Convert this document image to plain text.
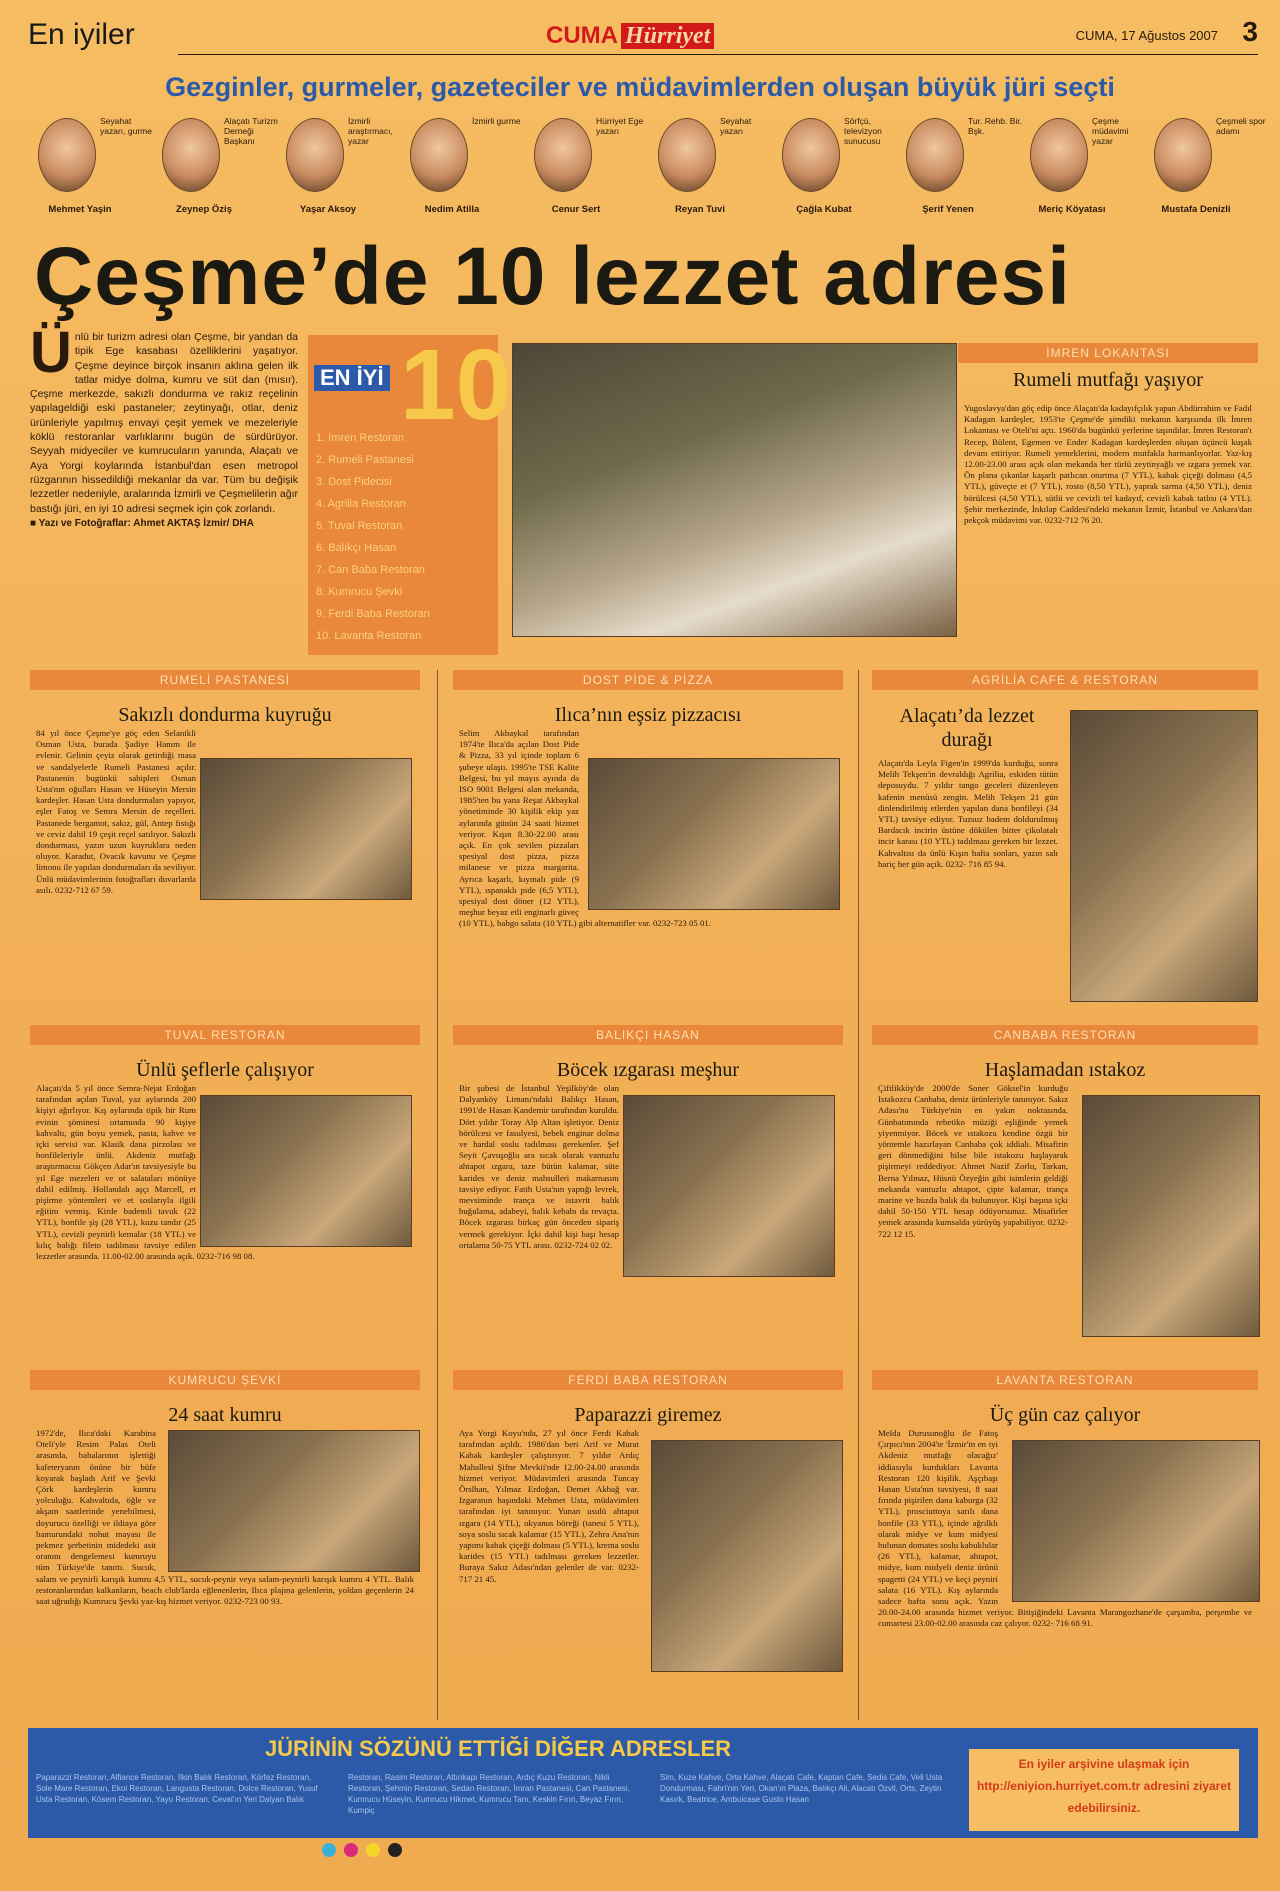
En iyiler	CUMA Hürriyet	CUMA, 17 Ağustos 2007 3
Gezginler, gurmeler, gazeteciler ve müdavimlerden oluşan büyük jüri seçti
Seyahat yazarı, gurme
Mehmet Yaşin
Alaçatı Turizm Derneği Başkanı
Zeynep Öziş
İzmirli araştırmacı, yazar
Yaşar Aksoy
İzmirli gurme
Nedim Atilla
Hürriyet Ege yazarı
Cenur Sert
Seyahat yazarı
Reyan Tuvi
Sörfçü, televizyon sunucusu
Çağla Kubat
Tur. Rehb. Bir. Bşk.
Şerif Yenen
Çeşme müdavimi yazar
Meriç Köyatası
Çeşmeli spor adamı
Mustafa Denizli
Çeşme’de 10 lezzet adresi
Ünlü bir turizm adresi olan Çeşme, bir yandan da tipik Ege kasabası özelliklerini yaşatıyor. Çeşme deyince birçok insanın aklına gelen ilk tatlar midye dolma, kumru ve süt dan (mısır). Çeşme merkezde, sakızlı dondurma ve rakız reçelinin yapılageldiği eski pastaneler; zeytinyağı, otlar, deniz ürünleriyle yapılmış envayi çeşit yemek ve mezeleriyle köklü restoranlar varlıklarını bugün de sürdürüyor. Seyyah midyeciler ve kumrucuların yanında, Alaçatı ve Aya Yorgi koylarında İstanbul'dan esen metropol rüzgarının hissedildiği mekanlar da var. Tüm bu değişik lezzetler nedeniyle, aralarında İzmirli ve Çeşmelilerin ağır bastığı jüri, en iyi 10 adresi seçmek için çok zorlandı.
■ Yazı ve Fotoğraflar: Ahmet AKTAŞ İzmir/ DHA
10
EN İYİ
1. İmren Restoran
2. Rumeli Pastanesi
3. Dost Pidecisi
4. Agrilia Restoran
5. Tuval Restoran
6. Balıkçı Hasan
7. Can Baba Restoran
8. Kumrucu Şevki
9. Ferdi Baba Restoran
10. Lavanta Restoran
İMREN LOKANTASI
Rumeli mutfağı yaşıyor
Yugoslavya'dan göç edip önce Alaçatı'da kadayıfçılık yapan Abdürrahim ve Fadıl Kadagan kardeşler, 1953'te Çeşme'de şimdiki mekanın karşısında ilk İmren Lokantası ve Oteli'ni açtı. 1960'da bugünkü yerlerine taşındılar. İmren Restoran'ı Recep, Bülent, Egemen ve Ender Kadagan kardeşlerden oluşan üçüncü kuşak devam ettiriyor. Rumeli yemeklerini, modern mutfakla harmanlıyorlar. Yaz-kış 12.00-23.00 arası açık olan mekanda her türlü zeytinyağlı ve ızgara yemek var. Ön plana çıkanlar kaşarlı patlıcan oturtma (7 YTL), kabak çiçeği dolması (4,5 YTL), güveçte et (7 YTL), rosto (8,50 YTL), yaprak sarma (4,50 YTL), deniz börülcesi (4,50 YTL), sütlü ve cevizli tel kadayıf, cevizli kabak tatlısı (4 YTL). Şehir merkezinde, İnkılap Caddesi'ndeki mekanın İzmir, İstanbul ve Ankara'dan pekçok müdavimi var. 0232-712 76 20.
RUMELİ PASTANESİ
Sakızlı dondurma kuyruğu
84 yıl önce Çeşme'ye göç eden Selanikli Osman Usta, burada Şadiye Hanım ile evlenir. Gelinin çeyiz olarak getirdiği masa ve sandalyelerle Rumeli Pastanesi açılır. Pastanenin bugünkü sahipleri Osman Usta'nın oğulları Hasan ve Hüseyin Mersin kardeşler. Hasan Usta dondurmaları yapıyor, eşler Fatoş ve Semra Mersin de reçelleri. Pastanede bergamot, sakız, gül, Antep fıstığı ve ceviz dahil 19 çeşit reçel satılıyor. Sakızlı dondurması, yazın uzun kuyruklara neden oluyor. Karadut, Ovacık kavunu ve Çeşme limonu ile yapılan dondurmaları da seviliyor. Ünlü müdavimlerinin fotoğrafları duvarlarda asılı. 0232-712 67 59.
DOST PİDE & PİZZA
Ilıca’nın eşsiz pizzacısı
Selim Akbaykal tarafından 1974'te Ilıca'da açılan Dost Pide & Pizza, 33 yıl içinde toplam 6 şubeye ulaştı. 1995'te TSE Kalite Belgesi, bu yıl mayıs ayında da ISO 9001 Belgesi alan mekanda, 1985'ten bu yana Reşat Akbaykal yönetiminde 30 kişilik ekip yaz aylarında günün 24 saati hizmet veriyor. Kışın 8.30-22.00 arası açık. En çok sevilen pizzaları spesiyal dost pizza, pizza milanese ve pizza margarita. Ayrıca kaşarlı, kıymalı pide (9 YTL), ıspanaklı pide (6,5 YTL), spesiyal dost döner (12 YTL), meşhur beyaz etli enginarlı güveç (10 YTL), babgo salata (10 YTL) gibi alternatifler var. 0232-723 05 01.
AGRİLİA CAFE & RESTORAN
Alaçatı’da lezzet durağı
Alaçatı'da Leyla Figen'in 1999'da kurduğu, sonra Melih Tekşen'in devraldığı Agrilia, eskiden tütün deposuydu. 7 yıldır tango geceleri düzenleyen kafenin menüsü zengin. Melih Tekşen 21 gün dinlendirilmiş etlerden yapılan dana bonfileyi (34 YTL) tavsiye ediyor. Tuzsuz badem doldurulmuş Bardacık incirin üstüne dökülen bitter çikolatalı incir karası (10 YTL) tadılması gereken bir lezzet. Kahvaltısı da ünlü Kışın hafta sonları, yazın salı hariç her gün açık. 0232- 716 85 94.
TUVAL RESTORAN
Ünlü şeflerle çalışıyor
Alaçatı'da 5 yıl önce Semra-Nejat Erdoğan tarafından açılan Tuval, yaz aylarında 200 kişiyi ağırlıyor. Kış aylarında tipik bir Rum evinin şöminesi ortamında 90 kişiye kahvaltı, gün boyu yemek, pasta, kahve ve içki servisi var. Klasik dana pirzolası ve bonfileleriyle ünlü. Akdeniz mutfağı araştırmacısı Gökçen Adar'ın tavsiyesiyle bu yıl Ege mezeleri ve ot salataları mönüye dahil edilmiş. Hollandalı aşçı Marcell, et pişirme yöntemleri ve et soslarıyla ilgili eğitim vermiş. Kirde bademli tavuk (22 YTL), bonfile şiş (28 YTL), kuzu tandır (25 YTL), cevizli peynirli kemalar (18 YTL) ve kılıç balığı fileto tadılması tavsiye edilen lezzetler arasında. 11.00-02.00 arasında açık. 0232-716 98 08.
BALIKÇI HASAN
Böcek ızgarası meşhur
Bir şubesi de İstanbul Yeşilköy'de olan Dalyanköy Limanı'ndaki Balıkçı Hasan, 1991'de Hasan Kandemir tarafından kuruldu. Dört yıldır Toray Alp Altan işletiyor. Deniz börülcesi ve fasulyesi, bebek enginar dolma ve hardal soslu tadılması gerekenler. Şef Seyit Çavuşoğlu ara sıcak olarak vantuzlu ahtapot ızgara, taze bütün kalamar, süte karides ve deniz mahsulleri makarnasını tavsiye ediyor. Fatih Usta'nın yaptığı levrek, mevsiminde trança ve istavrit balık buğulama, adabeyi, balık kebabı da revaçta. Böcek ızgarası birkaç gün önceden sipariş vermek gerekiyor. İçki dahil kişi başı hesap ortalama 50-75 YTL arası. 0232-724 02 02.
CANBABA RESTORAN
Haşlamadan ıstakoz
Çiftlikköy'de 2000'de Soner Göksel'in kurduğu Istakozcu Canbaba, deniz ürünleriyle tanınıyor. Sakız Adası'na Türkiye'nin en yakın noktasında. Günbatımında rebetiko müziği eşliğinde yemek yiyenmiyor. Böcek ve ıstakozu kendine özgü bir yöntemle hazırlayan Canbaba çok iddialı. Misafirin geri dönmediğini bilse bile istakozu haşlayarak pişirmeyi reddediyor. Ahmet Nazif Zorlu, Tarkan, Berna Yılmaz, Hüsnü Özyeğin gibi isimlerin geldiği mekanda vantuzlu ahtapot, çipte kalamar, trança marine ve buzda balık da bulunuyor. Kişi başına içki dahil 50-150 YTL hesap ödüyorsunuz. Misafirler yemek arasında kumsalda yürüyüş yapabiliyor. 0232-722 12 15.
KUMRUCU ŞEVKİ
24 saat kumru
1972'de, Ilıca'daki Karabina Oteli'yle Resim Palas Oteli arasında, babalarının işlettiği kafeteryanın önüne bir büfe koyarak başladı Arif ve Şevki Çörk kardeşlerin kumru yolculuğu. Kahvaltıda, öğle ve akşam saatlerinde yenebilmesi, doyurucu özelliği ve ildiaya göre hamurundaki nohut mayası ile pekmez şerbetinin midedeki asit oranını dengelemesi kumruyu tüm Türkiye'de tanıttı. Sucuk, salam ve peynirli karışık kumru 4,5 YTL, sucuk-peynir veya salam-peynirli karışık kumru 4 YTL. Balık restoranlarından kalkanların, beach club'larda eğlenenlerin, Ilıca plajına gelenlerin, yoldan geçenlerin 24 saat uğradığı Kumrucu Şevki yaz-kış hizmet veriyor. 0232-723 00 93.
FERDİ BABA RESTORAN
Paparazzi giremez
Aya Yorgi Koyu'nda, 27 yıl önce Ferdi Kabak tarafından açıldı. 1986'dan beri Arif ve Murat Kabak kardeşler çalıştırıyor. 7 yıldır Ardıç Mahallesi Şifne Mevkii'nde 12.00-24.00 arasında hizmet veriyor. Müdavimleri arasında Tuncay Örslhan, Yılmaz Erdoğan, Demet Akbağ var. Izgaranın başındaki Mehmet Usta, müdavimleri tarafından iyi tanınıyor. Yunan usulü ahtapot ızgara (14 YTL), okyanus böreği (tanesi 5 YTL), soya soslu sıcak kalamar (15 YTL), Zehra Ana'nın yapımı kabak çiçeği dolması (5 YTL), krema soslu karides (15 YTL) tadılması gereken lezzetler. Buraya Sakız Adası'ndan gelenler de var. 0232-717 21 45.
LAVANTA RESTORAN
Üç gün caz çalıyor
Melda Durusunoğlu ile Fatoş Çırpıcı'nın 2004'te 'İzmir'in en iyi Akdeniz mutfağı olacağız' iddiasıyla kurdukları Lavanta Restoran 120 kişilik. Aşçıbaşı Hasan Usta'nın tavsiyesi, 8 saat fırında pişirilen dana kaburga (32 YTL), prosciuttoya sarılı dana bonfile (33 YTL), içinde ağrılklı olarak midye ve kum midyesi bulunan domates soslu kabuklular (26 YTL), kalamar, ahtapot, midye, kum midyeli deniz ürünü spagetti (24 YTL) ve keçi peyniri salata (16 YTL). Kış aylarında sadece hafta sonu açık. Yazın 20.00-24.00 arasında hizmet veriyor. Bitişiğindeki Lavanta Marangozhane'de çarşamba, perşembe ve cumartesi 23.00-02.00 arasında caz çalıyor. 0232- 716 68 91.
JÜRİNİN SÖZÜNÜ ETTİĞİ DİĞER ADRESLER
Paparazzi Restoran, Alfiance Restoran, İlkin Balık Restoran, Körfez Restoran, Sole Mare Restoran, Ekol Restoran, Langusta Restoran, Dolce Restoran, Yusuf Usta Restoran, Kösem Restoran, Yayu Restoran, Cevat'ın Yeri Dalyan Balık
Restoran, Rasim Restoran, Altınkapı Restoran, Ardıç Kuzu Restoran, Nikli Restoran, Şehmin Restoran, Sedan Restoran, İmran Pastanesi, Can Pastanesi, Kumrucu Hüseyin, Kumrucu Hikmet, Kumrucu Tanı, Keskin Fırın, Beyaz Fırın, Kumpiç
Sim, Kuze Kahve, Orta Kahve, Alaçatı Cafe, Kaptan Cafe, Sedis Cafe, Veli Usta Dondurması, Fahri'nin Yeri, Okan'ın Plaza, Balıkçı Ali, Alacatı Özvil, Orts, Zeytin Kasırk, Beatrice, Ambuicase Gusto Hasan
En iyiler arşivine ulaşmak için http://eniyion.hurriyet.com.tr adresini ziyaret edebilirsiniz.
